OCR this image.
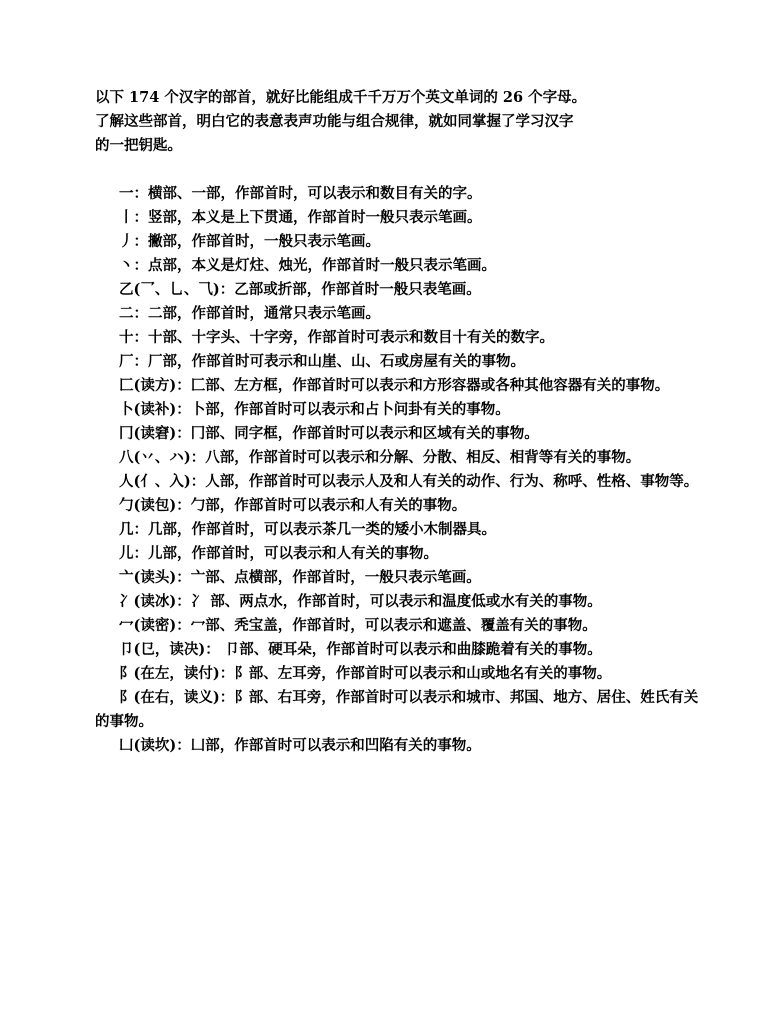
以下 174 个汉字的部首，就好比能组成千千万万个英文单词的 26 个字母。

了解这些部首，明白它的表意表声功能与组合规律，就如同掌握了学习汉字

的一把钥匙。

一：横部、一部，作部首时，可以表示和数目有关的字。

丨：竖部，本义是上下贯通，作部首时一般只表示笔画。

丿：撇部，作部首时，一般只表示笔画。

丶：点部，本义是灯炷、烛光，作部首时一般只表示笔画。

乙(乛、乚、⺄)：乙部或折部，作部首时一般只表笔画。

二：二部，作部首时，通常只表示笔画。

十：十部、十字头、十字旁，作部首时可表示和数目十有关的数字。

厂：厂部，作部首时可表示和山崖、山、石或房屋有关的事物。

匚(读方)：匚部、左方框，作部首时可以表示和方形容器或各种其他容器有关的事物。

卜(读补)：卜部，作部首时可以表示和占卜问卦有关的事物。

冂(读窘)：冂部、同字框，作部首时可以表示和区域有关的事物。

八(丷、ハ)：八部，作部首时可以表示和分解、分散、相反、相背等有关的事物。

人(亻、入)：人部，作部首时可以表示人及和人有关的动作、行为、称呼、性格、事物等。

勹(读包)：勹部，作部首时可以表示和人有关的事物。

几：几部，作部首时，可以表示茶几一类的矮小木制器具。

儿：儿部，作部首时，可以表示和人有关的事物。

亠(读头)：亠部、点横部，作部首时，一般只表示笔画。

冫(读冰)：冫 部、两点水，作部首时，可以表示和温度低或水有关的事物。

冖(读密)：冖部、秃宝盖，作部首时，可以表示和遮盖、覆盖有关的事物。

卩(㔾，读决)： 卩部、硬耳朵，作部首时可以表示和曲膝跪着有关的事物。

阝(在左，读付)：阝部、左耳旁，作部首时可以表示和山或地名有关的事物。

阝(在右，读义)：阝部、右耳旁，作部首时可以表示和城市、邦国、地方、居住、姓氏有关的事物。

凵(读坎)：凵部，作部首时可以表示和凹陷有关的事物。
